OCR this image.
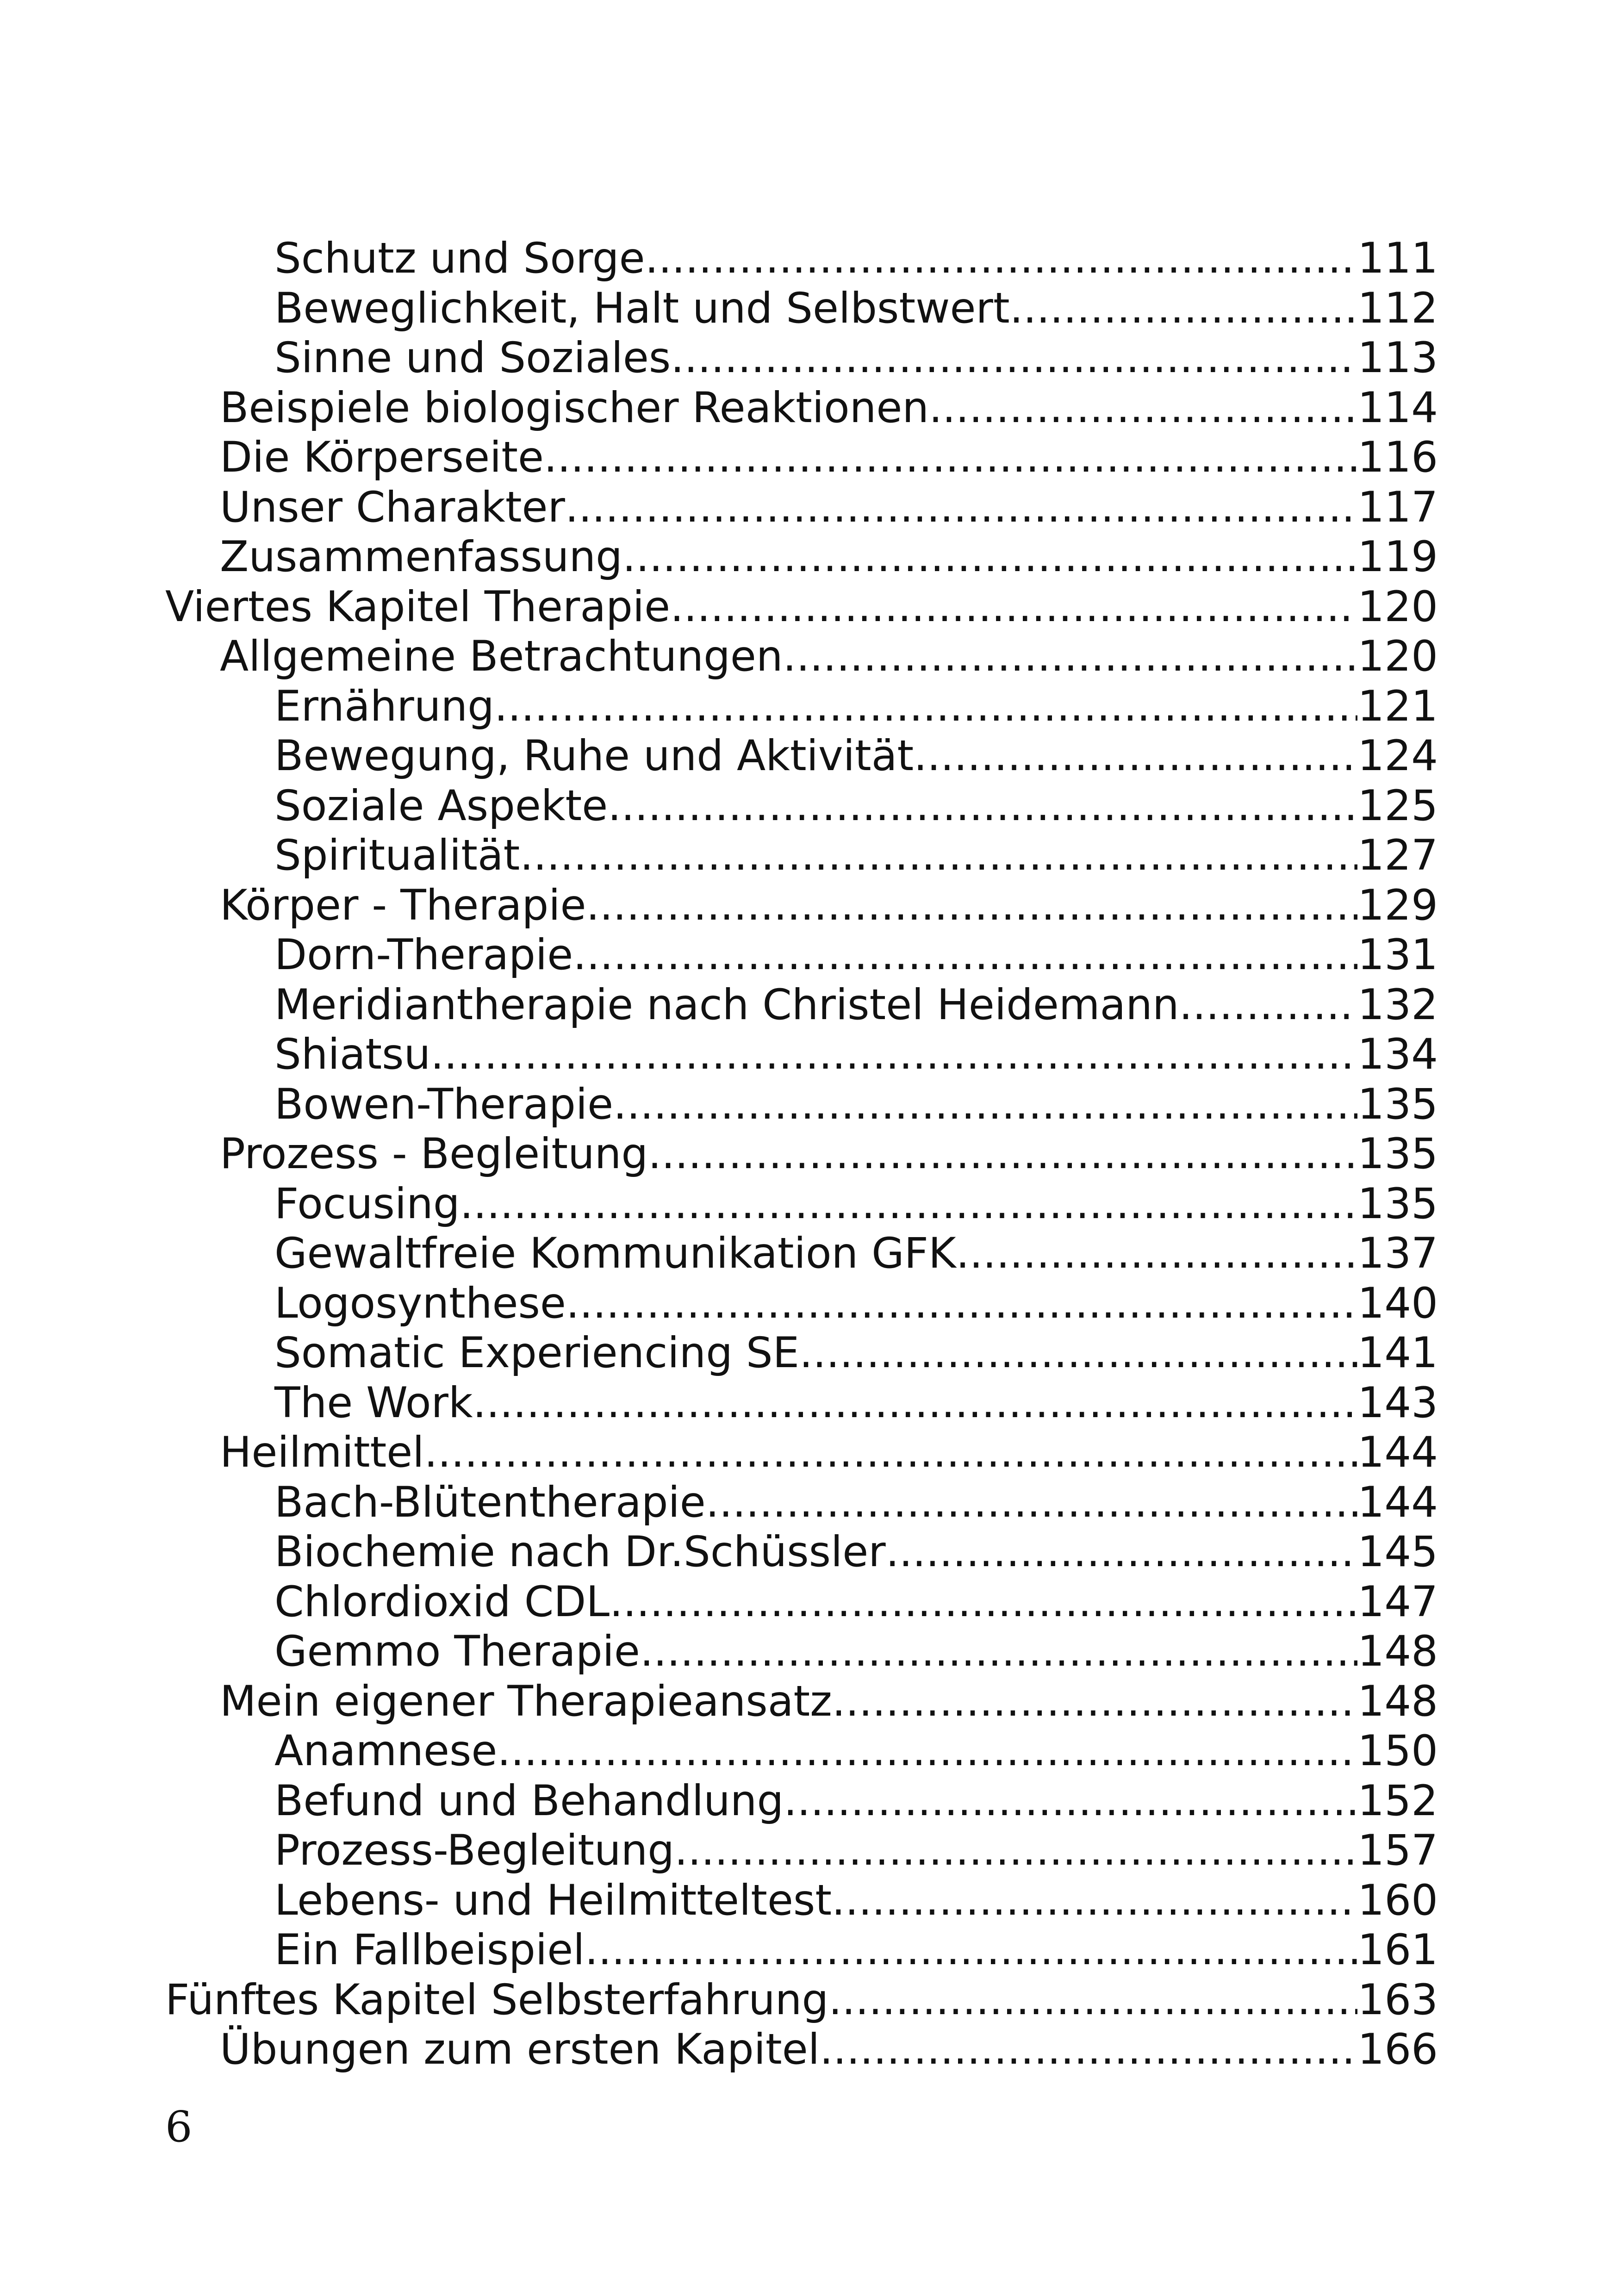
Schutz und Sorge .....	111
Beweglichkeit, Halt und Selbstwert .....	112
Sinne und Soziales .....	113
Beispiele biologischer Reaktionen .....	114
Die Körperseite .....	116
Unser Charakter .....	117
Zusammenfassung .....	119
Viertes Kapitel Therapie .....	120
Allgemeine Betrachtungen .....	120
Ernährung .....	121
Bewegung, Ruhe und Aktivität .....	124
Soziale Aspekte .....	125
Spiritualität .....	127
Körper - Therapie .....	129
Dorn-Therapie .....	131
Meridiantherapie nach Christel Heidemann .....	132
Shiatsu .....	134
Bowen-Therapie .....	135
Prozess - Begleitung .....	135
Focusing .....	135
Gewaltfreie Kommunikation GFK .....	137
Logosynthese .....	140
Somatic Experiencing SE .....	141
The Work .....	143
Heilmittel .....	144
Bach-Blütentherapie .....	144
Biochemie nach Dr.Schüssler .....	145
Chlordioxid CDL .....	147
Gemmo Therapie .....	148
Mein eigener Therapieansatz .....	148
Anamnese .....	150
Befund und Behandlung .....	152
Prozess-Begleitung .....	157
Lebens- und Heilmitteltest .....	160
Ein Fallbeispiel .....	161
Fünftes Kapitel Selbsterfahrung .....	163
Übungen zum ersten Kapitel .....	166
6
